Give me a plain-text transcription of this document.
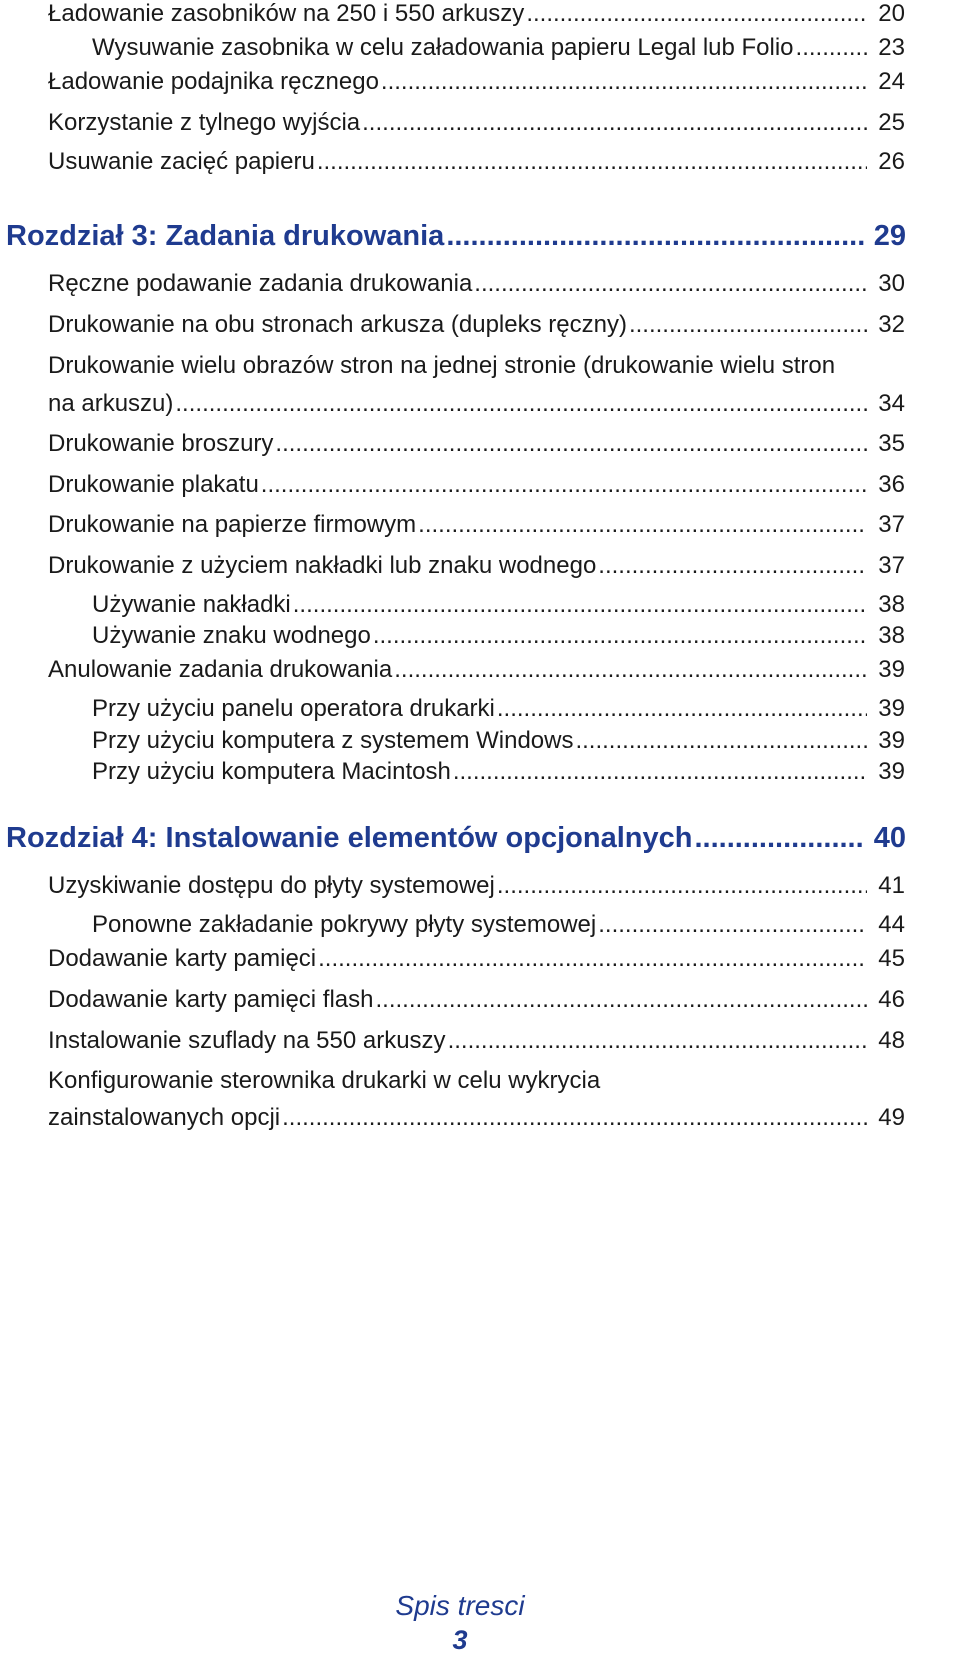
Ładowanie zasobników na 250 i 550 arkuszy .....	20
Wysuwanie zasobnika w celu załadowania papieru Legal lub Folio .....	23
Ładowanie podajnika ręcznego .....	24
Korzystanie z tylnego wyjścia .....	25
Usuwanie zacięć papieru .....	26
Rozdział 3: Zadania drukowania .....	29
Ręczne podawanie zadania drukowania .....	30
Drukowanie na obu stronach arkusza (dupleks ręczny) .....	32
Drukowanie wielu obrazów stron na jednej stronie (drukowanie wielu stron
na arkuszu) .....	34
Drukowanie broszury .....	35
Drukowanie plakatu .....	36
Drukowanie na papierze firmowym .....	37
Drukowanie z użyciem nakładki lub znaku wodnego .....	37
Używanie nakładki .....	38
Używanie znaku wodnego .....	38
Anulowanie zadania drukowania .....	39
Przy użyciu panelu operatora drukarki .....	39
Przy użyciu komputera z systemem Windows .....	39
Przy użyciu komputera Macintosh .....	39
Rozdział 4: Instalowanie elementów opcjonalnych .....	40
Uzyskiwanie dostępu do płyty systemowej .....	41
Ponowne zakładanie pokrywy płyty systemowej .....	44
Dodawanie karty pamięci .....	45
Dodawanie karty pamięci flash .....	46
Instalowanie szuflady na 550 arkuszy .....	48
Konfigurowanie sterownika drukarki w celu wykrycia
zainstalowanych opcji .....	49
Spis tresci
3
